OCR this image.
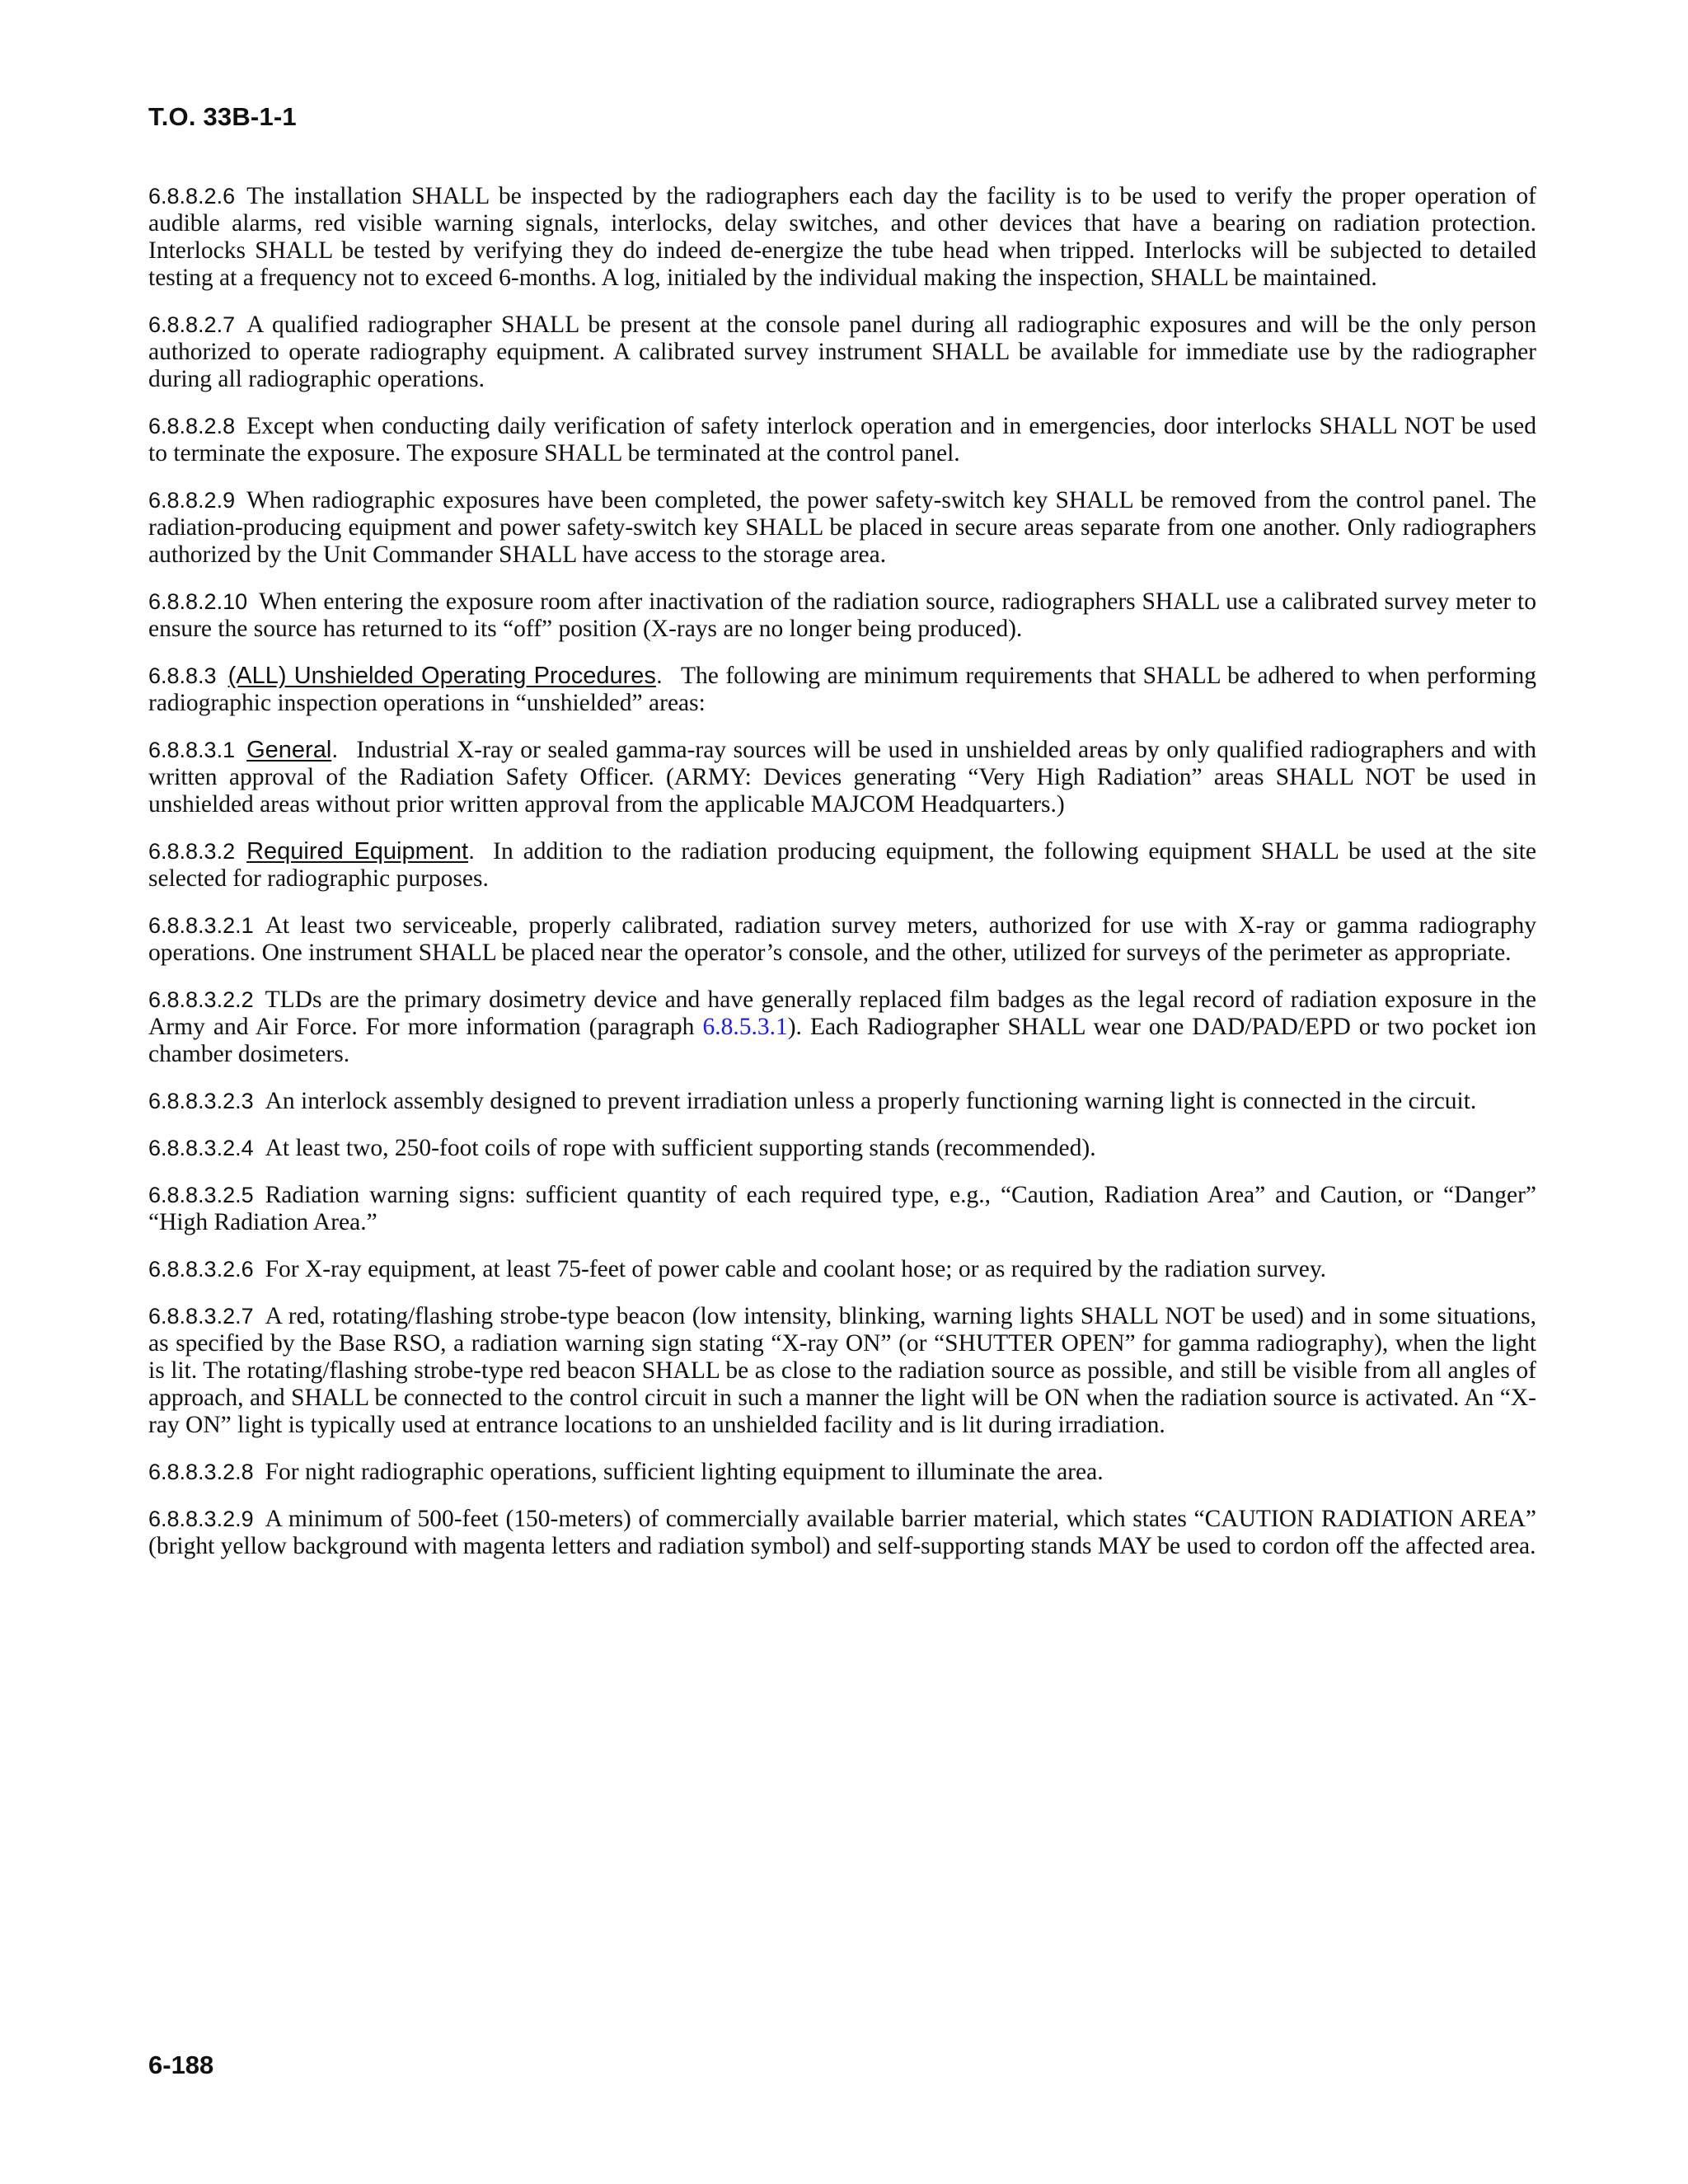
T.O. 33B-1-1

6.8.8.2.6 The installation SHALL be inspected by the radiographers each day the facility is to be used to verify the proper operation of audible alarms, red visible warning signals, interlocks, delay switches, and other devices that have a bearing on radiation protection. Interlocks SHALL be tested by verifying they do indeed de-energize the tube head when tripped. Interlocks will be subjected to detailed testing at a frequency not to exceed 6-months. A log, initialed by the individual making the inspection, SHALL be maintained.

6.8.8.2.7 A qualified radiographer SHALL be present at the console panel during all radiographic exposures and will be the only person authorized to operate radiography equipment. A calibrated survey instrument SHALL be available for immediate use by the radiographer during all radiographic operations.

6.8.8.2.8 Except when conducting daily verification of safety interlock operation and in emergencies, door interlocks SHALL NOT be used to terminate the exposure. The exposure SHALL be terminated at the control panel.

6.8.8.2.9 When radiographic exposures have been completed, the power safety-switch key SHALL be removed from the control panel. The radiation-producing equipment and power safety-switch key SHALL be placed in secure areas separate from one another. Only radiographers authorized by the Unit Commander SHALL have access to the storage area.

6.8.8.2.10 When entering the exposure room after inactivation of the radiation source, radiographers SHALL use a calibrated survey meter to ensure the source has returned to its “off” position (X-rays are no longer being produced).

6.8.8.3 (ALL) Unshielded Operating Procedures. The following are minimum requirements that SHALL be adhered to when performing radiographic inspection operations in “unshielded” areas:

6.8.8.3.1 General. Industrial X-ray or sealed gamma-ray sources will be used in unshielded areas by only qualified radiographers and with written approval of the Radiation Safety Officer. (ARMY: Devices generating “Very High Radiation” areas SHALL NOT be used in unshielded areas without prior written approval from the applicable MAJCOM Headquarters.)

6.8.8.3.2 Required Equipment. In addition to the radiation producing equipment, the following equipment SHALL be used at the site selected for radiographic purposes.

6.8.8.3.2.1 At least two serviceable, properly calibrated, radiation survey meters, authorized for use with X-ray or gamma radiography operations. One instrument SHALL be placed near the operator’s console, and the other, utilized for surveys of the perimeter as appropriate.

6.8.8.3.2.2 TLDs are the primary dosimetry device and have generally replaced film badges as the legal record of radiation exposure in the Army and Air Force. For more information (paragraph 6.8.5.3.1). Each Radiographer SHALL wear one DAD/PAD/EPD or two pocket ion chamber dosimeters.

6.8.8.3.2.3 An interlock assembly designed to prevent irradiation unless a properly functioning warning light is connected in the circuit.

6.8.8.3.2.4 At least two, 250-foot coils of rope with sufficient supporting stands (recommended).

6.8.8.3.2.5 Radiation warning signs: sufficient quantity of each required type, e.g., “Caution, Radiation Area” and Caution, or “Danger” “High Radiation Area.”

6.8.8.3.2.6 For X-ray equipment, at least 75-feet of power cable and coolant hose; or as required by the radiation survey.

6.8.8.3.2.7 A red, rotating/flashing strobe-type beacon (low intensity, blinking, warning lights SHALL NOT be used) and in some situations, as specified by the Base RSO, a radiation warning sign stating “X-ray ON” (or “SHUTTER OPEN” for gamma radiography), when the light is lit. The rotating/flashing strobe-type red beacon SHALL be as close to the radiation source as possible, and still be visible from all angles of approach, and SHALL be connected to the control circuit in such a manner the light will be ON when the radiation source is activated. An “X-ray ON” light is typically used at entrance locations to an unshielded facility and is lit during irradiation.

6.8.8.3.2.8 For night radiographic operations, sufficient lighting equipment to illuminate the area.

6.8.8.3.2.9 A minimum of 500-feet (150-meters) of commercially available barrier material, which states “CAUTION RADIATION AREA” (bright yellow background with magenta letters and radiation symbol) and self-supporting stands MAY be used to cordon off the affected area.

6-188
